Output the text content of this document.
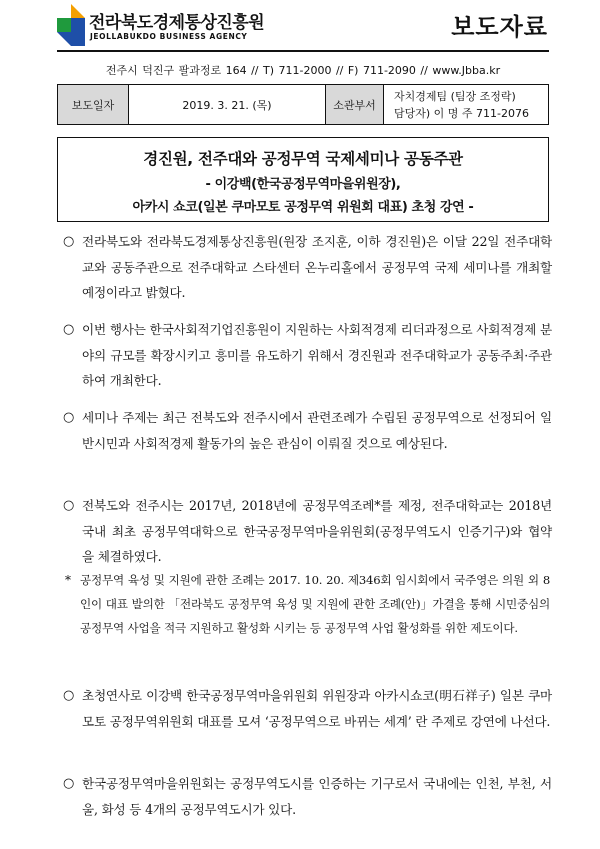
전라북도경제통상진흥원
JEOLLABUKDO BUSINESS AGENCY	보도자료
전주시 덕진구 팔과정로 164 // T) 711-2000 // F) 711-2090 // www.Jbba.kr
보도일자	2019. 3. 21. (목)	소관부서
자치경제팀 (팀장 조정락)
담당자) 이 명 주 711-2076
경진원, 전주대와 공정무역 국제세미나 공동주관
- 이강백(한국공정무역마을위원장),
아카시 쇼코(일본 쿠마모토 공정무역 위원회 대표) 초청 강연 -
○ 전라북도와 전라북도경제통상진흥원(원장 조지훈, 이하 경진원)은 이달 22일 전주대학교와 공동주관으로 전주대학교 스타센터 온누리홀에서 공정무역 국제 세미나를 개최할 예정이라고 밝혔다.
○ 이번 행사는 한국사회적기업진흥원이 지원하는 사회적경제 리더과정으로 사회적경제 분야의 규모를 확장시키고 흥미를 유도하기 위해서 경진원과 전주대학교가 공동주최·주관하여 개최한다.
○ 세미나 주제는 최근 전북도와 전주시에서 관련조례가 수립된 공정무역으로 선정되어 일반시민과 사회적경제 활동가의 높은 관심이 이뤄질 것으로 예상된다.
○ 전북도와 전주시는 2017년, 2018년에 공정무역조례*를 제정, 전주대학교는 2018년 국내 최초 공정무역대학으로 한국공정무역마을위원회(공정무역도시 인증기구)와 협약을 체결하였다.
* 공정무역 육성 및 지원에 관한 조례는 2017. 10. 20. 제346회 임시회에서 국주영은 의원 외 8인이 대표 발의한 「전라북도 공정무역 육성 및 지원에 관한 조례(안)」가결을 통해 시민중심의 공정무역 사업을 적극 지원하고 활성화 시키는 등 공정무역 사업 활성화를 위한 제도이다.
○ 초청연사로 이강백 한국공정무역마을위원회 위원장과 아카시쇼코(明石祥子) 일본 쿠마모토 공정무역위원회 대표를 모셔 ‘공정무역으로 바뀌는 세계’ 란 주제로 강연에 나선다.
○ 한국공정무역마을위원회는 공정무역도시를 인증하는 기구로서 국내에는 인천, 부천, 서울, 화성 등 4개의 공정무역도시가 있다.
